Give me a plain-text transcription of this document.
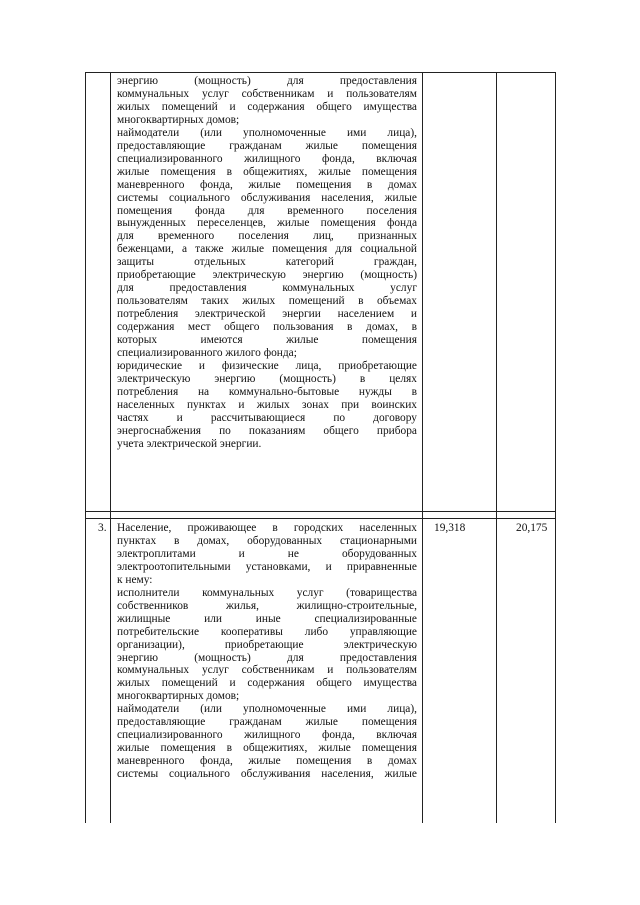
энергию (мощность) для предоставления

коммунальных услуг собственникам и пользователям

жилых помещений и содержания общего имущества

многоквартирных домов;

наймодатели (или уполномоченные ими лица),

предоставляющие гражданам жилые помещения

специализированного жилищного фонда, включая

жилые помещения в общежитиях, жилые помещения

маневренного фонда, жилые помещения в домах

системы социального обслуживания населения, жилые

помещения фонда для временного поселения

вынужденных переселенцев, жилые помещения фонда

для временного поселения лиц, признанных

беженцами, а также жилые помещения для социальной

защиты отдельных категорий граждан,

приобретающие электрическую энергию (мощность)

для предоставления коммунальных услуг

пользователям таких жилых помещений в объемах

потребления электрической энергии населением и

содержания мест общего пользования в домах, в

которых имеются жилые помещения

специализированного жилого фонда;

юридические и физические лица, приобретающие

электрическую энергию (мощность) в целях

потребления на коммунально-бытовые нужды в

населенных пунктах и жилых зонах при воинских

частях и рассчитывающиеся по договору

энергоснабжения по показаниям общего прибора

учета электрической энергии.

3. Население, проживающее в городских населенных

пунктах в домах, оборудованных стационарными

электроплитами и не оборудованных

электроотопительными установками, и приравненные

к нему:

исполнители коммунальных услуг (товарищества

собственников жилья, жилищно-строительные,

жилищные или иные специализированные

потребительские кооперативы либо управляющие

организации), приобретающие электрическую

энергию (мощность) для предоставления

коммунальных услуг собственникам и пользователям

жилых помещений и содержания общего имущества

многоквартирных домов;

наймодатели (или уполномоченные ими лица),

предоставляющие гражданам жилые помещения

специализированного жилищного фонда, включая

жилые помещения в общежитиях, жилые помещения

маневренного фонда, жилые помещения в домах

системы социального обслуживания населения, жилые

19,318	20,175
